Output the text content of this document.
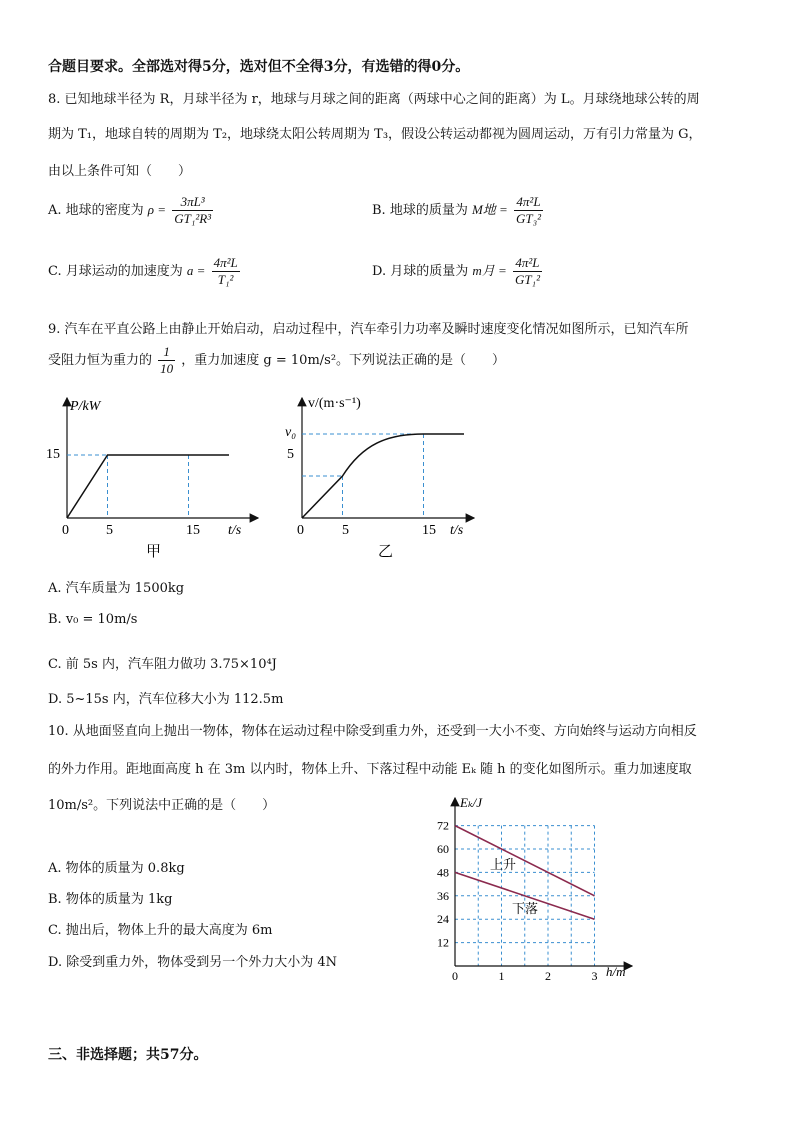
合题目要求。全部选对得5分，选对但不全得3分，有选错的得0分。
8. 已知地球半径为 R，月球半径为 r，地球与月球之间的距离（两球中心之间的距离）为 L。月球绕地球公转的周
期为 T₁，地球自转的周期为 T₂，地球绕太阳公转周期为 T₃，假设公转运动都视为圆周运动，万有引力常量为 G，
由以上条件可知（　　）
A. 地球的密度为 $\rho = \frac{\text{3πL³}}{\text{GT₁²R³}}$	B. 地球的质量为 M地 = $\frac{\text{4π²L}}{\text{GT₃²}}$
C. 月球运动的加速度为 $a = \frac{\text{4π²L}}{\text{T₁²}}$	D. 月球的质量为 m月 = $\frac{\text{4π²L}}{\text{GT₁²}}$
9. 汽车在平直公路上由静止开始启动，启动过程中，汽车牵引力功率及瞬时速度变化情况如图所示，已知汽车所
受阻力恒为重力的 $\frac{1}{10}$ ，重力加速度 g = 10m/s²。下列说法正确的是（　　）
P/kW
t/s
0	5	15
15
甲
v/(m·s⁻¹)
t/s
0	5	15
5
v₀
乙
A. 汽车质量为 1500kg
B. v₀ = 10m/s
C. 前 5s 内，汽车阻力做功 3.75×10⁴J
D. 5~15s 内，汽车位移大小为 112.5m
10. 从地面竖直向上抛出一物体，物体在运动过程中除受到重力外，还受到一大小不变、方向始终与运动方向相反
的外力作用。距地面高度 h 在 3m 以内时，物体上升、下落过程中动能 Eₖ 随 h 的变化如图所示。重力加速度取
10m/s²。下列说法中正确的是（　　）
A. 物体的质量为 0.8kg
B. 物体的质量为 1kg
C. 抛出后，物体上升的最大高度为 6m
D. 除受到重力外，物体受到另一个外力大小为 4N
12
24
36
48
60
72
0	1	2	3
Eₖ/J
h/m
上升
下落
三、非选择题；共57分。
